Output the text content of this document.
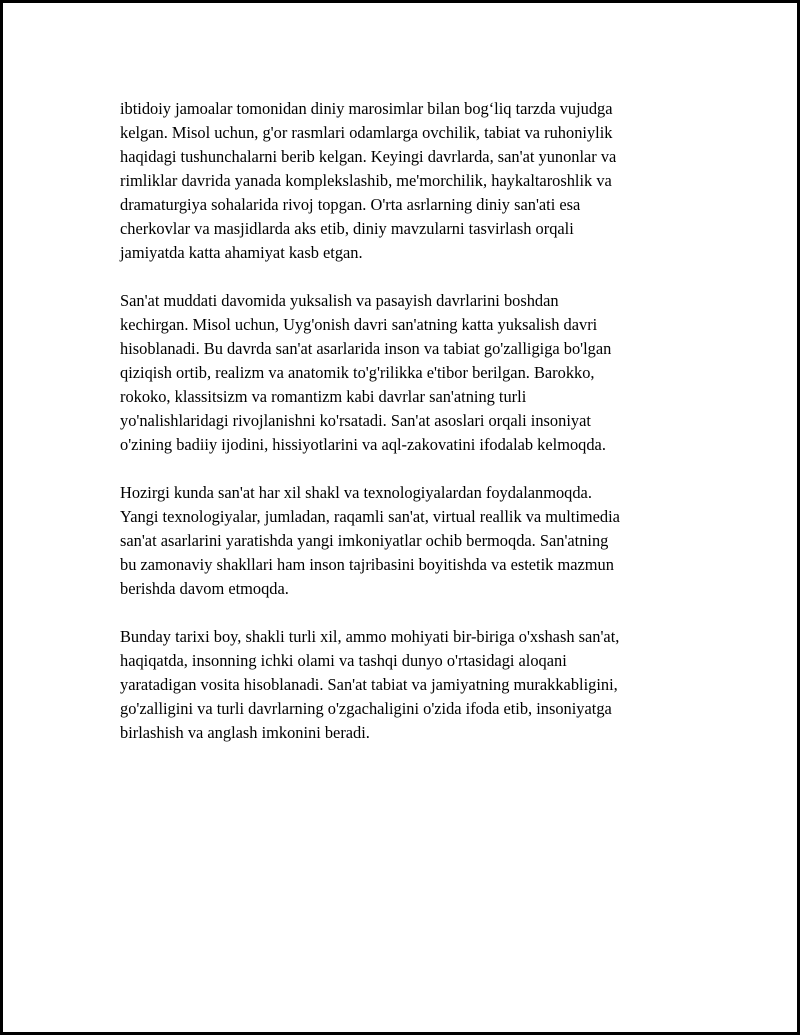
ibtidoiy jamoalar tomonidan diniy marosimlar bilan bog‘liq tarzda vujudga
kelgan. Misol uchun, g'or rasmlari odamlarga ovchilik, tabiat va ruhoniylik
haqidagi tushunchalarni berib kelgan. Keyingi davrlarda, san'at yunonlar va
rimliklar davrida yanada komplekslashib, me'morchilik, haykaltaroshlik va
dramaturgiya sohalarida rivoj topgan. O'rta asrlarning diniy san'ati esa
cherkovlar va masjidlarda aks etib, diniy mavzularni tasvirlash orqali
jamiyatda katta ahamiyat kasb etgan.

San'at muddati davomida yuksalish va pasayish davrlarini boshdan
kechirgan. Misol uchun, Uyg'onish davri san'atning katta yuksalish davri
hisoblanadi. Bu davrda san'at asarlarida inson va tabiat go'zalligiga bo'lgan
qiziqish ortib, realizm va anatomik to'g'rilikka e'tibor berilgan. Barokko,
rokoko, klassitsizm va romantizm kabi davrlar san'atning turli
yo'nalishlaridagi rivojlanishni ko'rsatadi. San'at asoslari orqali insoniyat
o'zining badiiy ijodini, hissiyotlarini va aql-zakovatini ifodalab kelmoqda.

Hozirgi kunda san'at har xil shakl va texnologiyalardan foydalanmoqda.
Yangi texnologiyalar, jumladan, raqamli san'at, virtual reallik va multimedia
san'at asarlarini yaratishda yangi imkoniyatlar ochib bermoqda. San'atning
bu zamonaviy shakllari ham inson tajribasini boyitishda va estetik mazmun
berishda davom etmoqda.

Bunday tarixi boy, shakli turli xil, ammo mohiyati bir-biriga o'xshash san'at,
haqiqatda, insonning ichki olami va tashqi dunyo o'rtasidagi aloqani
yaratadigan vosita hisoblanadi. San'at tabiat va jamiyatning murakkabligini,
go'zalligini va turli davrlarning o'zgachaligini o'zida ifoda etib, insoniyatga
birlashish va anglash imkonini beradi.
